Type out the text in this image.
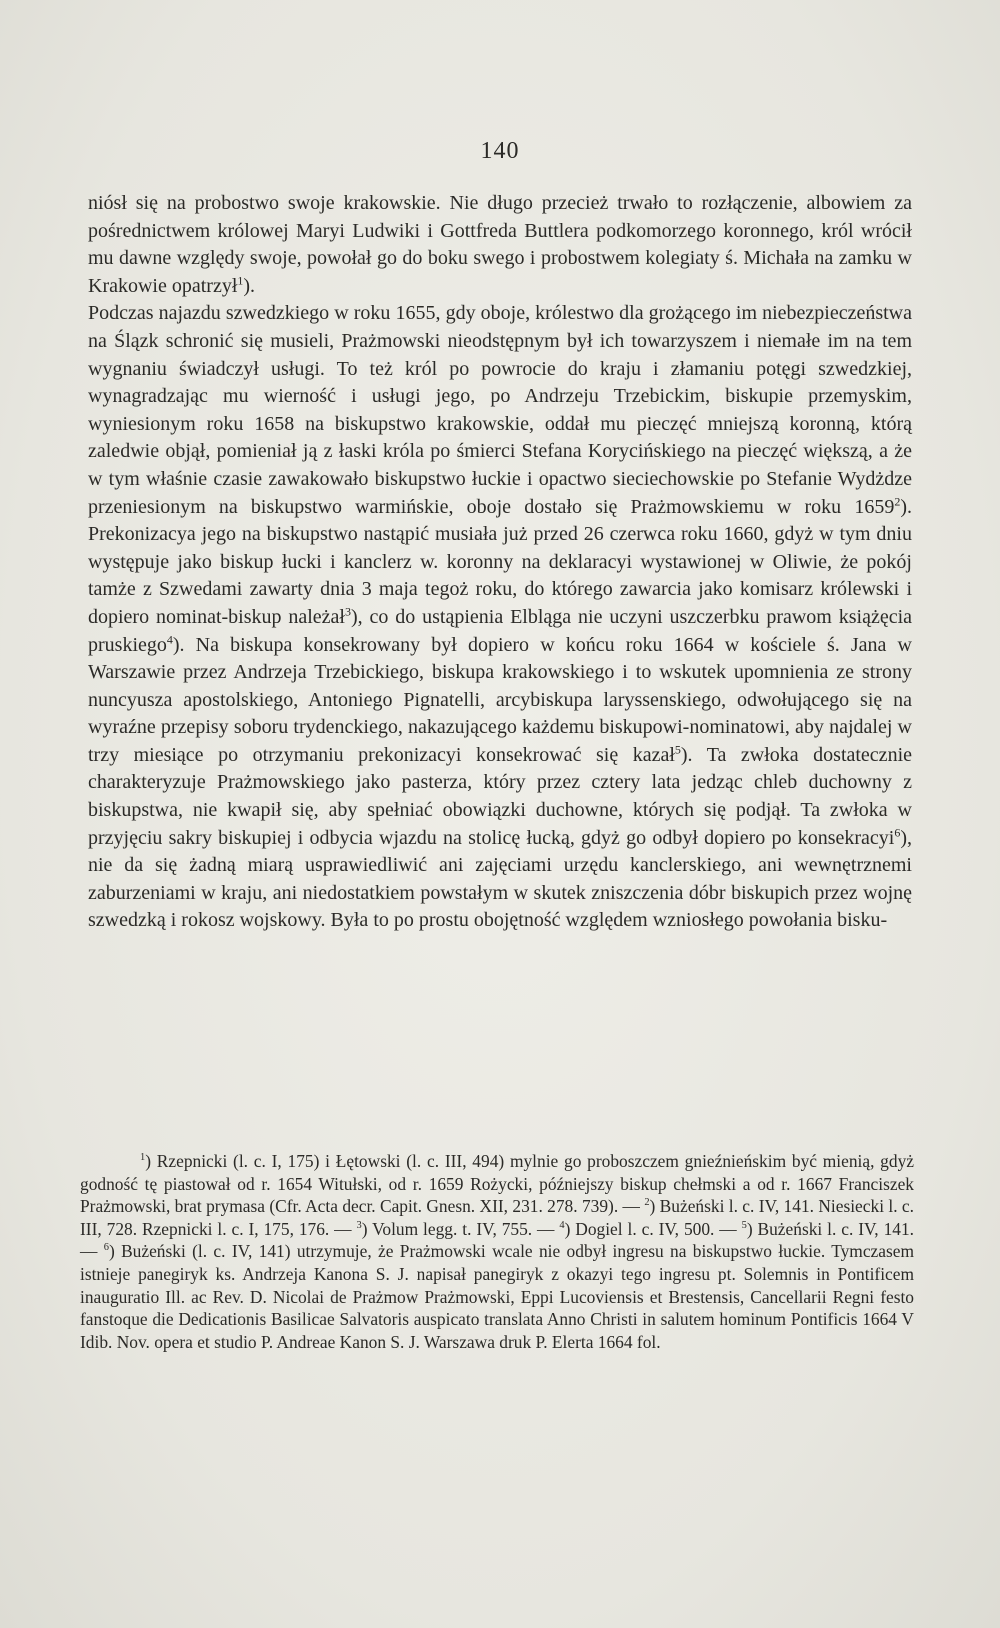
140

niósł się na probostwo swoje krakowskie. Nie długo przecież trwało to rozłączenie, albowiem za pośrednictwem królowej Maryi Ludwiki i Gottfreda Buttlera podkomorzego koronnego, król wrócił mu dawne względy swoje, powołał go do boku swego i probostwem kolegiaty ś. Michała na zamku w Krakowie opatrzył$^1$).

Podczas najazdu szwedzkiego w roku 1655, gdy oboje, królestwo dla grożącego im niebezpieczeństwa na Ślązk schronić się musieli, Prażmowski nieodstępnym był ich towarzyszem i niemałe im na tem wygnaniu świadczył usługi. To też król po powrocie do kraju i złamaniu potęgi szwedzkiej, wynagradzając mu wierność i usługi jego, po Andrzeju Trzebickim, biskupie przemyskim, wyniesionym roku 1658 na biskupstwo krakowskie, oddał mu pieczęć mniejszą koronną, którą zaledwie objął, pomieniał ją z łaski króla po śmierci Stefana Korycińskiego na pieczęć większą, a że w tym właśnie czasie zawakowało biskupstwo łuckie i opactwo sieciechowskie po Stefanie Wydżdze przeniesionym na biskupstwo warmińskie, oboje dostało się Prażmowskiemu w roku 1659$^2$). Prekonizacya jego na biskupstwo nastąpić musiała już przed 26 czerwca roku 1660, gdyż w tym dniu występuje jako biskup łucki i kanclerz w. koronny na deklaracyi wystawionej w Oliwie, że pokój tamże z Szwedami zawarty dnia 3 maja tegoż roku, do którego zawarcia jako komisarz królewski i dopiero nominat-biskup należał$^3$), co do ustąpienia Elbląga nie uczyni uszczerbku prawom książęcia pruskiego$^4$). Na biskupa konsekrowany był dopiero w końcu roku 1664 w kościele ś. Jana w Warszawie przez Andrzeja Trzebickiego, biskupa krakowskiego i to wskutek upomnienia ze strony nuncyusza apostolskiego, Antoniego Pignatelli, arcybiskupa laryssenskiego, odwołującego się na wyraźne przepisy soboru trydenckiego, nakazującego każdemu biskupowi-nominatowi, aby najdalej w trzy miesiące po otrzymaniu prekonizacyi konsekrować się kazał$^5$). Ta zwłoka dostatecznie charakteryzuje Prażmowskiego jako pasterza, który przez cztery lata jedząc chleb duchowny z biskupstwa, nie kwapił się, aby spełniać obowiązki duchowne, których się podjął. Ta zwłoka w przyjęciu sakry biskupiej i odbycia wjazdu na stolicę łucką, gdyż go odbył dopiero po konsekracyi$^6$), nie da się żadną miarą usprawiedliwić ani zajęciami urzędu kanclerskiego, ani wewnętrznemi zaburzeniami w kraju, ani niedostatkiem powstałym w skutek zniszczenia dóbr biskupich przez wojnę szwedzką i rokosz wojskowy. Była to po prostu obojętność względem wzniosłego powołania bisku-

$^1$) Rzepnicki (l. c. I, 175) i Łętowski (l. c. III, 494) mylnie go proboszczem gnieźnieńskim być mienią, gdyż godność tę piastował od r. 1654 Witułski, od r. 1659 Rożycki, późniejszy biskup chełmski a od r. 1667 Franciszek Prażmowski, brat prymasa (Cfr. Acta decr. Capit. Gnesn. XII, 231. 278. 739). — $^2$) Bużeński l. c. IV, 141. Niesiecki l. c. III, 728. Rzepnicki l. c. I, 175, 176. — $^3$) Volum legg. t. IV, 755. — $^4$) Dogiel l. c. IV, 500. — $^5$) Bużeński l. c. IV, 141. — $^6$) Bużeński (l. c. IV, 141) utrzymuje, że Prażmowski wcale nie odbył ingresu na biskupstwo łuckie. Tymczasem istnieje panegiryk ks. Andrzeja Kanona S. J. napisał panegiryk z okazyi tego ingresu pt. Solemnis in Pontificem inauguratio Ill. ac Rev. D. Nicolai de Prażmow Prażmowski, Eppi Lucoviensis et Brestensis, Cancellarii Regni festo fanstoque die Dedicationis Basilicae Salvatoris auspicato translata Anno Christi in salutem hominum Pontificis 1664 V Idib. Nov. opera et studio P. Andreae Kanon S. J. Warszawa druk P. Elerta 1664 fol.
